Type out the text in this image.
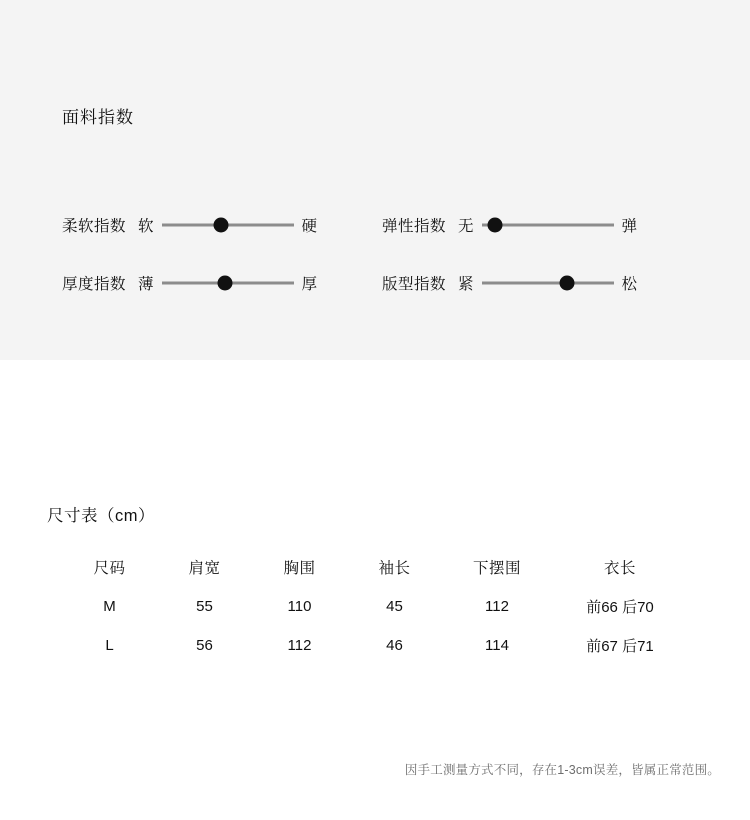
面料指数
柔软指数 软	硬	弹性指数 无	弹
厚度指数 薄	厚	版型指数 紧	松
尺寸表（cm）
尺码	肩宽	胸围	袖长	下摆围	衣长
M	55	110	45	112	前66 后70
L	56	112	46	114	前67 后71
因手工测量方式不同，存在1-3cm误差，皆属正常范围。
